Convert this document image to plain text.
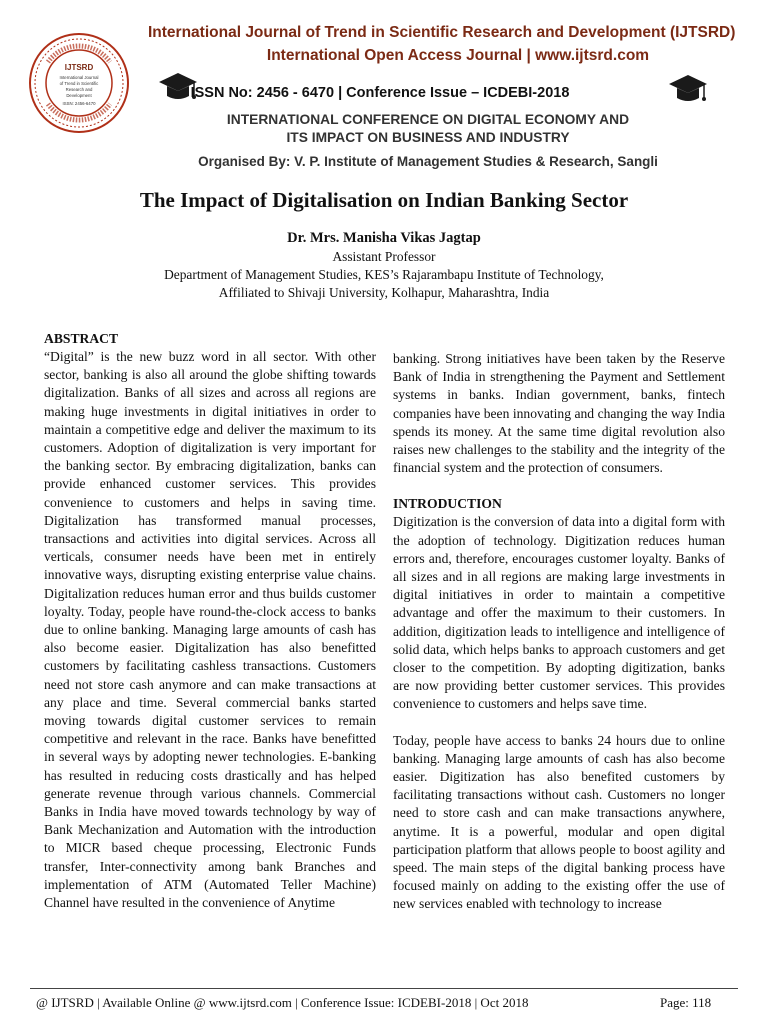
IJTSRD
International Journal
of Trend in Scientific
Research and
Development
ISSN: 2456-6470
International Journal of Trend in Scientific Research and Development (IJTSRD)
International Open Access Journal | www.ijtsrd.com
ISSN No: 2456 - 6470 | Conference Issue – ICDEBI-2018
INTERNATIONAL CONFERENCE ON DIGITAL ECONOMY AND
ITS IMPACT ON BUSINESS AND INDUSTRY
Organised By: V. P. Institute of Management Studies & Research, Sangli
The Impact of Digitalisation on Indian Banking Sector
Dr. Mrs. Manisha Vikas Jagtap
Assistant Professor
Department of Management Studies, KES’s Rajarambapu Institute of Technology,
Affiliated to Shivaji University, Kolhapur, Maharashtra, India

ABSTRACT

“Digital” is the new buzz word in all sector. With other sector, banking is also all around the globe shifting towards digitalization. Banks of all sizes and across all regions are making huge investments in digital initiatives in order to maintain a competitive edge and deliver the maximum to its customers. Adoption of digitalization is very important for the banking sector. By embracing digitalization, banks can provide enhanced customer services. This provides convenience to customers and helps in saving time. Digitalization has transformed manual processes, transactions and activities into digital services. Across all verticals, consumer needs have been met in entirely innovative ways, disrupting existing enterprise value chains. Digitalization reduces human error and thus builds customer loyalty. Today, people have round-the-clock access to banks due to online banking. Managing large amounts of cash has also become easier. Digitalization has also benefitted customers by facilitating cashless transactions. Customers need not store cash anymore and can make transactions at any place and time. Several commercial banks started moving towards digital customer services to remain competitive and relevant in the race. Banks have benefitted in several ways by adopting newer technologies. E-banking has resulted in reducing costs drastically and has helped generate revenue through various channels. Commercial Banks in India have moved towards technology by way of Bank Mechanization and Automation with the introduction to MICR based cheque processing, Electronic Funds transfer, Inter-connectivity among bank Branches and implementation of ATM (Automated Teller Machine) Channel have resulted in the convenience of Anytime

banking. Strong initiatives have been taken by the Reserve Bank of India in strengthening the Payment and Settlement systems in banks. Indian government, banks, fintech companies have been innovating and changing the way India spends its money. At the same time digital revolution also raises new challenges to the stability and the integrity of the financial system and the protection of consumers.

INTRODUCTION

Digitization is the conversion of data into a digital form with the adoption of technology. Digitization reduces human errors and, therefore, encourages customer loyalty. Banks of all sizes and in all regions are making large investments in digital initiatives in order to maintain a competitive advantage and offer the maximum to their customers. In addition, digitization leads to intelligence and intelligence of solid data, which helps banks to approach customers and get closer to the competition. By adopting digitization, banks are now providing better customer services. This provides convenience to customers and helps save time.

Today, people have access to banks 24 hours due to online banking. Managing large amounts of cash has also become easier. Digitization has also benefited customers by facilitating transactions without cash. Customers no longer need to store cash and can make transactions anywhere, anytime. It is a powerful, modular and open digital participation platform that allows people to boost agility and speed. The main steps of the digital banking process have focused mainly on adding to the existing offer the use of new services enabled with technology to increase

@ IJTSRD | Available Online @ www.ijtsrd.com | Conference Issue: ICDEBI-2018 | Oct 2018	Page: 118
